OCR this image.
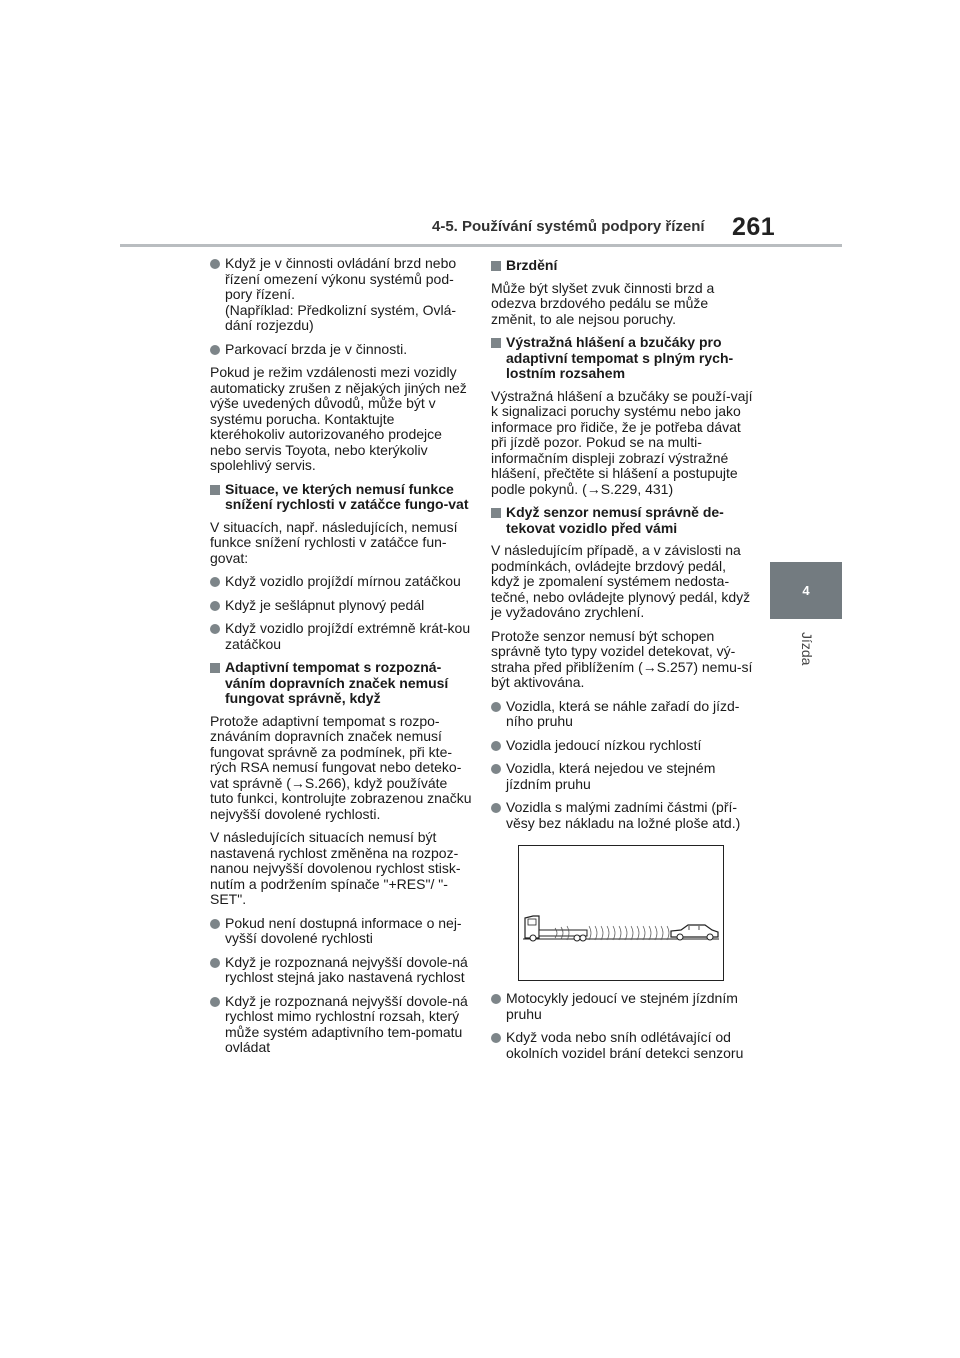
4-5. Používání systémů podpory řízení 261
4
Jízda
Když je v činnosti ovládání brzd nebo řízení omezení výkonu systémů pod-pory řízení.
(Například: Předkolizní systém, Ovlá-dání rozjezdu)
Parkovací brzda je v činnosti.

Pokud je režim vzdálenosti mezi vozidly automaticky zrušen z nějakých jiných než výše uvedených důvodů, může být v systému porucha. Kontaktujte kteréhokoliv autorizovaného prodejce nebo servis Toyota, nebo kterýkoliv spolehlivý servis.

Situace, ve kterých nemusí funkce snížení rychlosti v zatáčce fungo-vat

V situacích, např. následujících, nemusí funkce snížení rychlosti v zatáčce fun-govat:

Když vozidlo projíždí mírnou zatáčkou
Když je sešlápnut plynový pedál
Když vozidlo projíždí extrémně krát-kou zatáčkou
Adaptivní tempomat s rozpozná-váním dopravních značek nemusí fungovat správně, když

Protože adaptivní tempomat s rozpo-znáváním dopravních značek nemusí fungovat správně za podmínek, při kte-rých RSA nemusí fungovat nebo deteko-vat správně (→S.266), když používáte tuto funkci, kontrolujte zobrazenou značku nejvyšší dovolené rychlosti.

V následujících situacích nemusí být nastavená rychlost změněna na rozpoz-nanou nejvyšší dovolenou rychlost stisk-nutím a podržením spínače "+RES"/ "-SET".

Pokud není dostupná informace o nej-vyšší dovolené rychlosti
Když je rozpoznaná nejvyšší dovole-ná rychlost stejná jako nastavená rychlost
Když je rozpoznaná nejvyšší dovole-ná rychlost mimo rychlostní rozsah, který může systém adaptivního tem-pomatu ovládat
Brzdění

Může být slyšet zvuk činnosti brzd a odezva brzdového pedálu se může změnit, to ale nejsou poruchy.

Výstražná hlášení a bzučáky pro adaptivní tempomat s plným rych-lostním rozsahem

Výstražná hlášení a bzučáky se použí-vají k signalizaci poruchy systému nebo jako informace pro řidiče, že je potřeba dávat při jízdě pozor. Pokud se na multi-informačním displeji zobrazí výstražné hlášení, přečtěte si hlášení a postupujte podle pokynů. (→S.229, 431)

Když senzor nemusí správně de-tekovat vozidlo před vámi

V následujícím případě, a v závislosti na podmínkách, ovládejte brzdový pedál, když je zpomalení systémem nedosta-tečné, nebo ovládejte plynový pedál, když je vyžadováno zrychlení.

Protože senzor nemusí být schopen správně tyto typy vozidel detekovat, vý-straha před přiblížením (→S.257) nemu-sí být aktivována.

Vozidla, která se náhle zařadí do jízd-ního pruhu
Vozidla jedoucí nízkou rychlostí
Vozidla, která nejedou ve stejném jízdním pruhu
Vozidla s malými zadními částmi (pří-věsy bez nákladu na ložné ploše atd.)
Motocykly jedoucí ve stejném jízdním pruhu
Když voda nebo sníh odlétávající od okolních vozidel brání detekci senzoru
